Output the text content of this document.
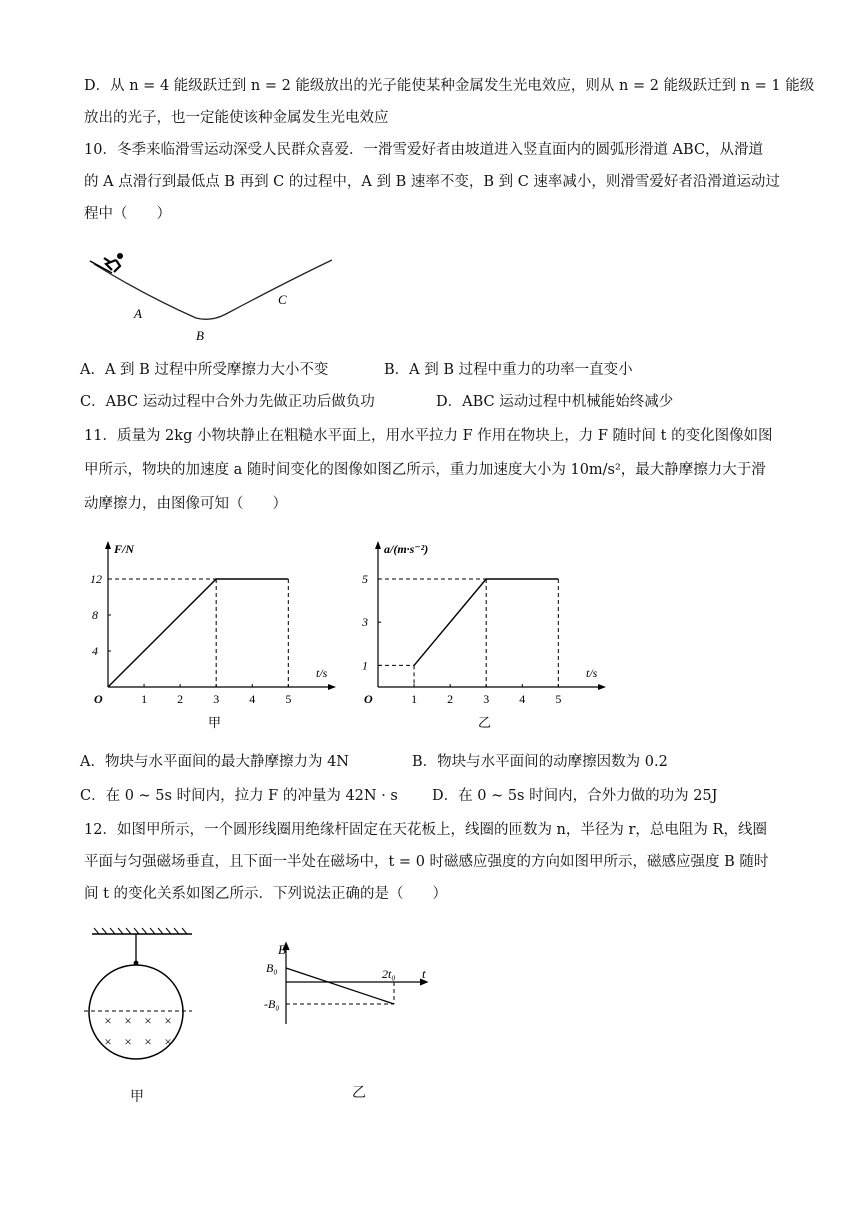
D．从 n = 4 能级跃迁到 n = 2 能级放出的光子能使某种金属发生光电效应，则从 n = 2 能级跃迁到 n = 1 能级
放出的光子，也一定能使该种金属发生光电效应
10．冬季来临滑雪运动深受人民群众喜爱．一滑雪爱好者由坡道进入竖直面内的圆弧形滑道 ABC，从滑道
的 A 点滑行到最低点 B 再到 C 的过程中，A 到 B 速率不变，B 到 C 速率减小，则滑雪爱好者沿滑道运动过
程中（　　）
A
B
C
A．A 到 B 过程中所受摩擦力大小不变	B．A 到 B 过程中重力的功率一直变小
C．ABC 运动过程中合外力先做正功后做负功	D．ABC 运动过程中机械能始终减少
11．质量为 2kg 小物块静止在粗糙水平面上，用水平拉力 F 作用在物块上，力 F 随时间 t 的变化图像如图
甲所示，物块的加速度 a 随时间变化的图像如图乙所示，重力加速度大小为 10m/s²，最大静摩擦力大于滑
动摩擦力，由图像可知（　　）
F/N
t/s
O	1	2	3	4	5
4
8
12
甲
a/(m·s⁻²)
t/s
O	1	2	3	4	5
1
3
5
乙
A．物块与水平面间的最大静摩擦力为 4N	B．物块与水平面间的动摩擦因数为 0.2
C．在 0 ~ 5s 时间内，拉力 F 的冲量为 42N · s D．在 0 ~ 5s 时间内，合外力做的功为 25J
12．如图甲所示，一个圆形线圈用绝缘杆固定在天花板上，线圈的匝数为 n，半径为 r，总电阻为 R，线圈
平面与匀强磁场垂直，且下面一半处在磁场中，t = 0 时磁感应强度的方向如图甲所示，磁感应强度 B 随时
间 t 的变化关系如图乙所示．下列说法正确的是（　　）
× × × ×
× × × ×
甲
B
t
B₀
-B₀
2t₀
乙
